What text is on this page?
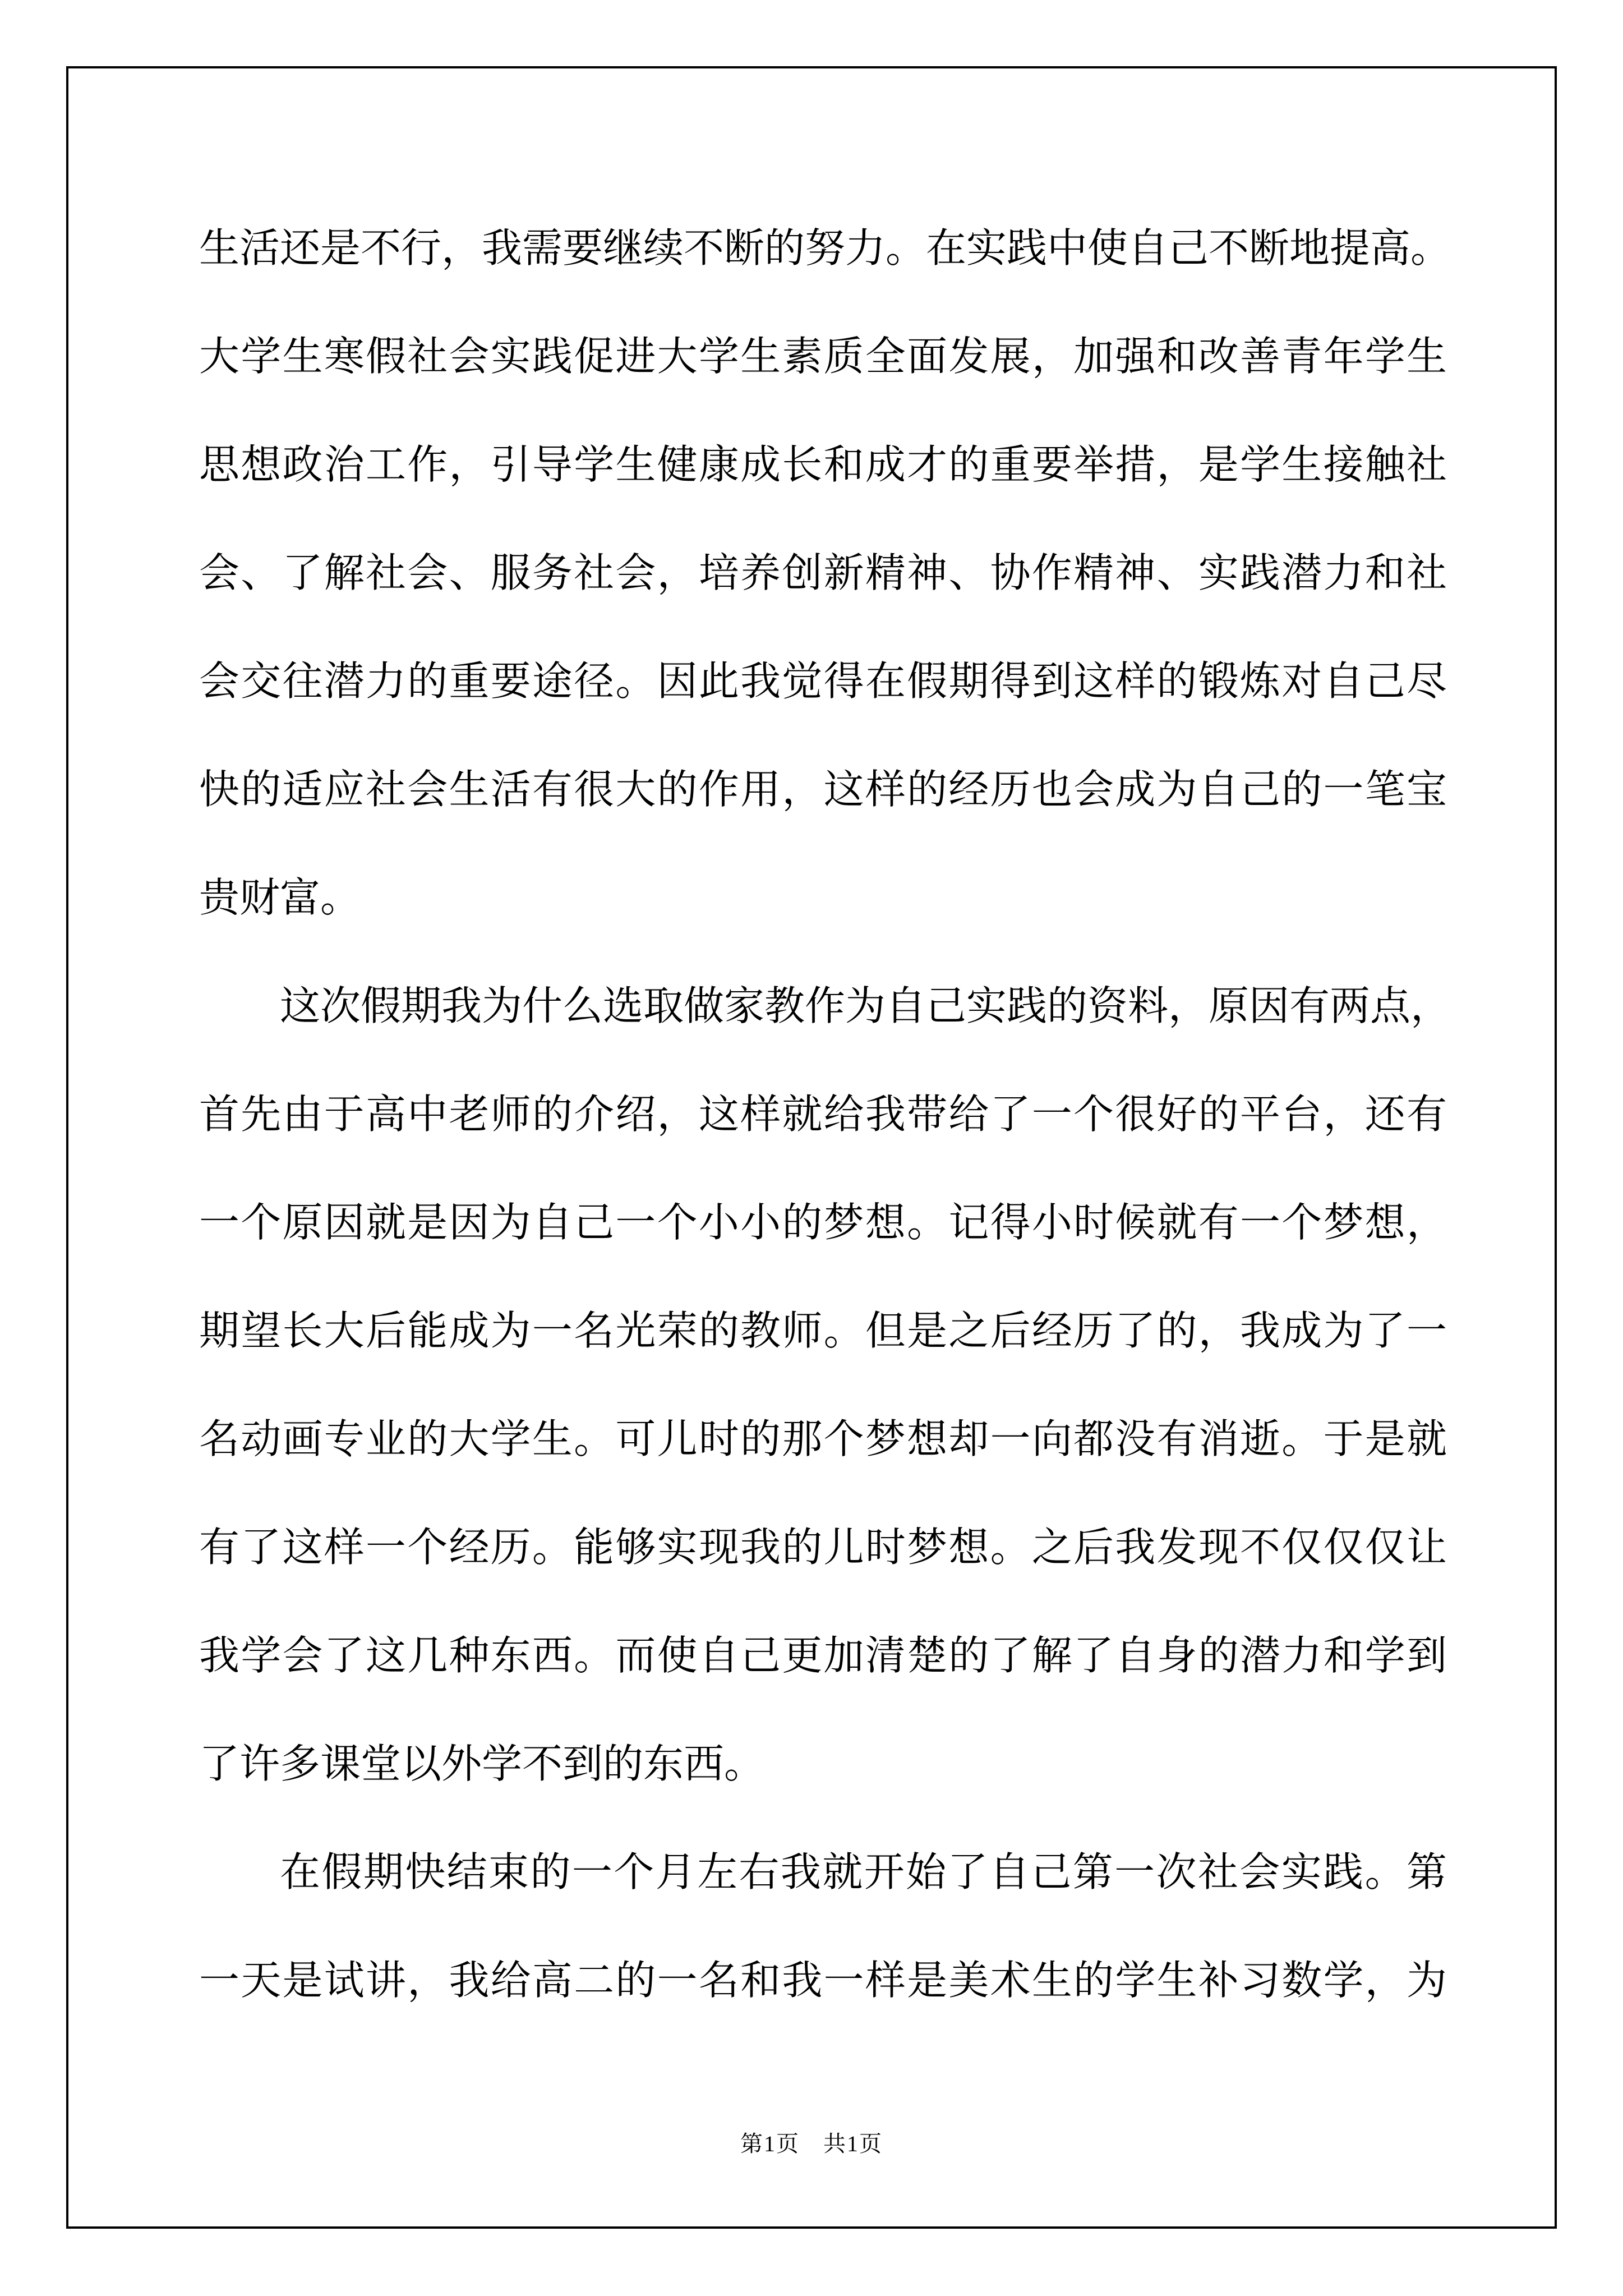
生活还是不行，我需要继续不断的努力。在实践中使自己不断地提高。
大学生寒假社会实践促进大学生素质全面发展，加强和改善青年学生
思想政治工作，引导学生健康成长和成才的重要举措，是学生接触社
会、了解社会、服务社会，培养创新精神、协作精神、实践潜力和社
会交往潜力的重要途径。因此我觉得在假期得到这样的锻炼对自己尽
快的适应社会生活有很大的作用，这样的经历也会成为自己的一笔宝
贵财富。
这次假期我为什么选取做家教作为自己实践的资料，原因有两点，
首先由于高中老师的介绍，这样就给我带给了一个很好的平台，还有
一个原因就是因为自己一个小小的梦想。记得小时候就有一个梦想，
期望长大后能成为一名光荣的教师。但是之后经历了的，我成为了一
名动画专业的大学生。可儿时的那个梦想却一向都没有消逝。于是就
有了这样一个经历。能够实现我的儿时梦想。之后我发现不仅仅仅让
我学会了这几种东西。而使自己更加清楚的了解了自身的潜力和学到
了许多课堂以外学不到的东西。
在假期快结束的一个月左右我就开始了自己第一次社会实践。第
一天是试讲，我给高二的一名和我一样是美术生的学生补习数学，为
第1页　共1页
